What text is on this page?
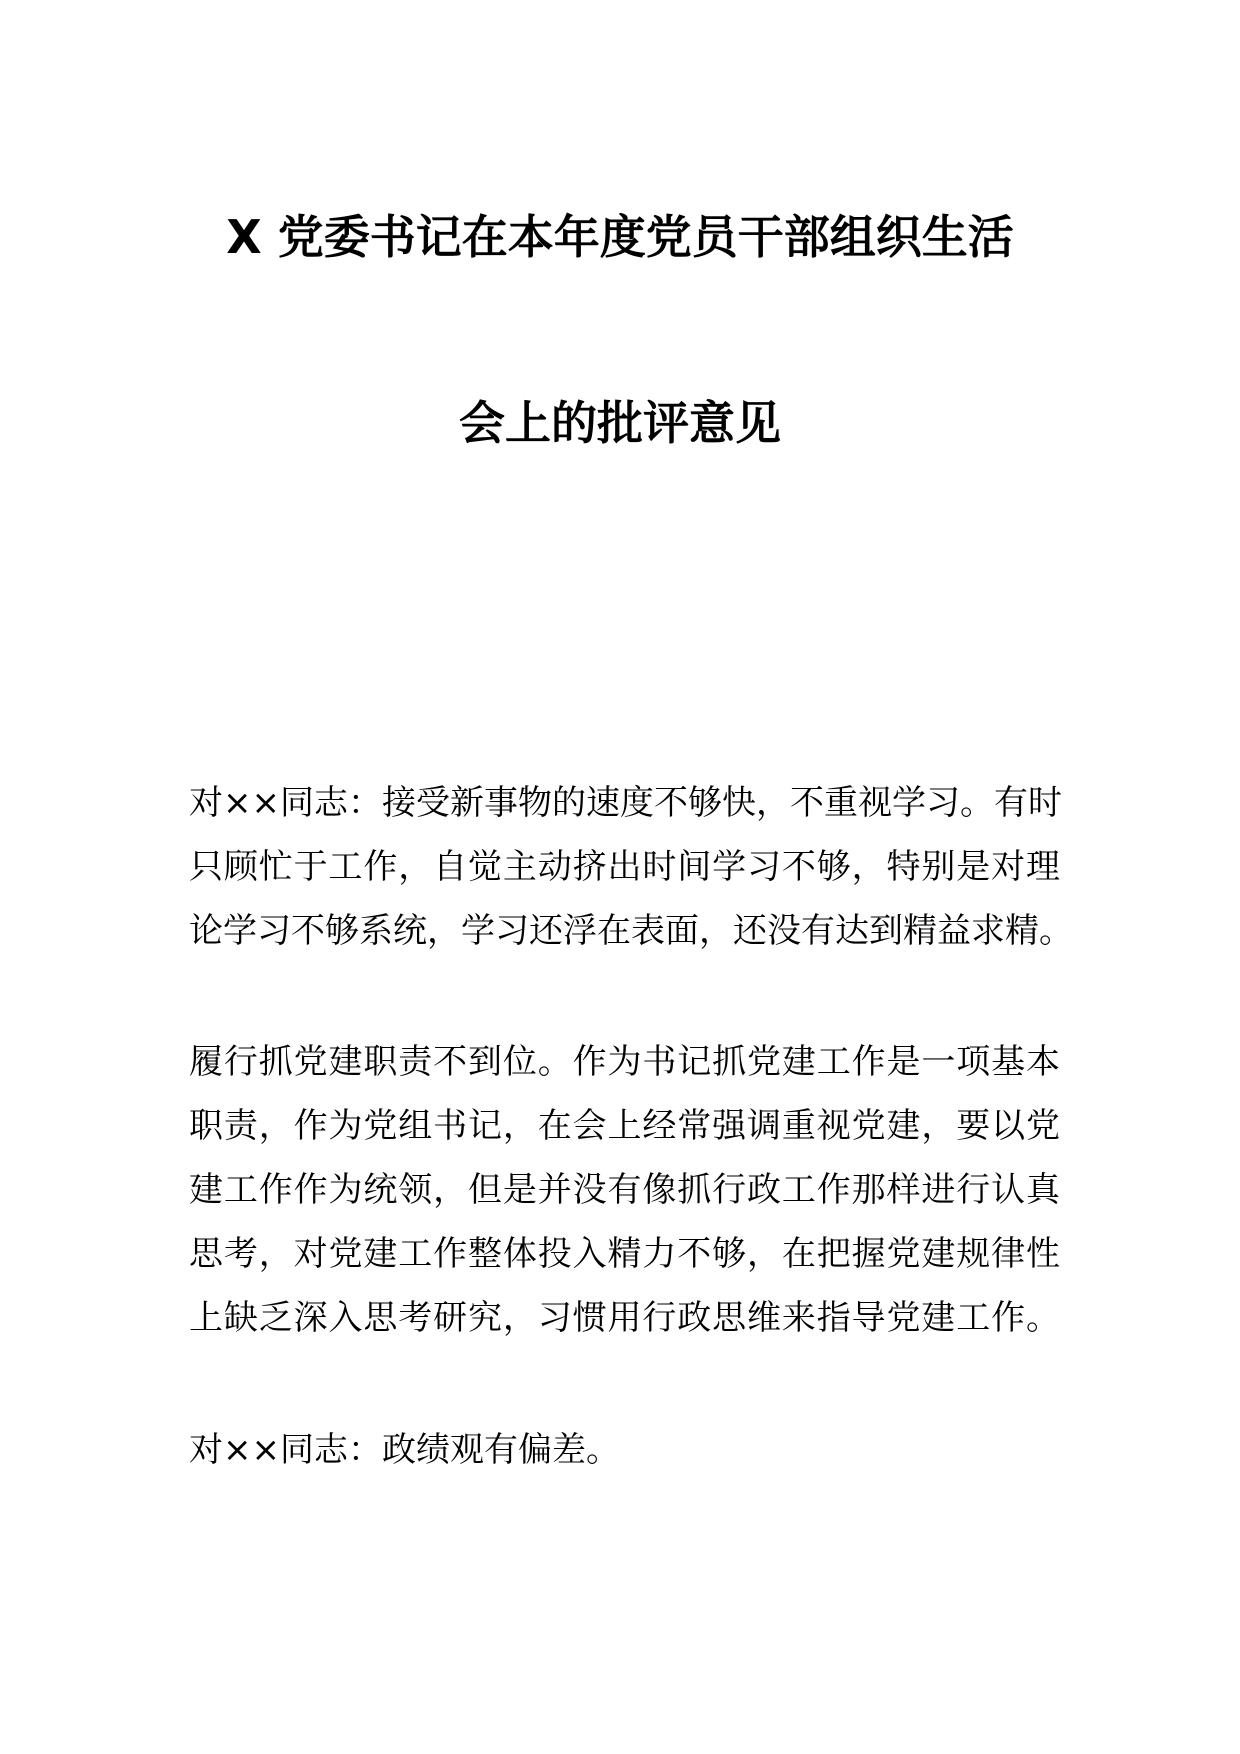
X 党委书记在本年度党员干部组织生活
会上的批评意见
对××同志：接受新事物的速度不够快，不重视学习。有时
只顾忙于工作，自觉主动挤出时间学习不够，特别是对理
论学习不够系统，学习还浮在表面，还没有达到精益求精。
履行抓党建职责不到位。作为书记抓党建工作是一项基本
职责，作为党组书记，在会上经常强调重视党建，要以党
建工作作为统领，但是并没有像抓行政工作那样进行认真
思考，对党建工作整体投入精力不够，在把握党建规律性
上缺乏深入思考研究，习惯用行政思维来指导党建工作。
对××同志：政绩观有偏差。
